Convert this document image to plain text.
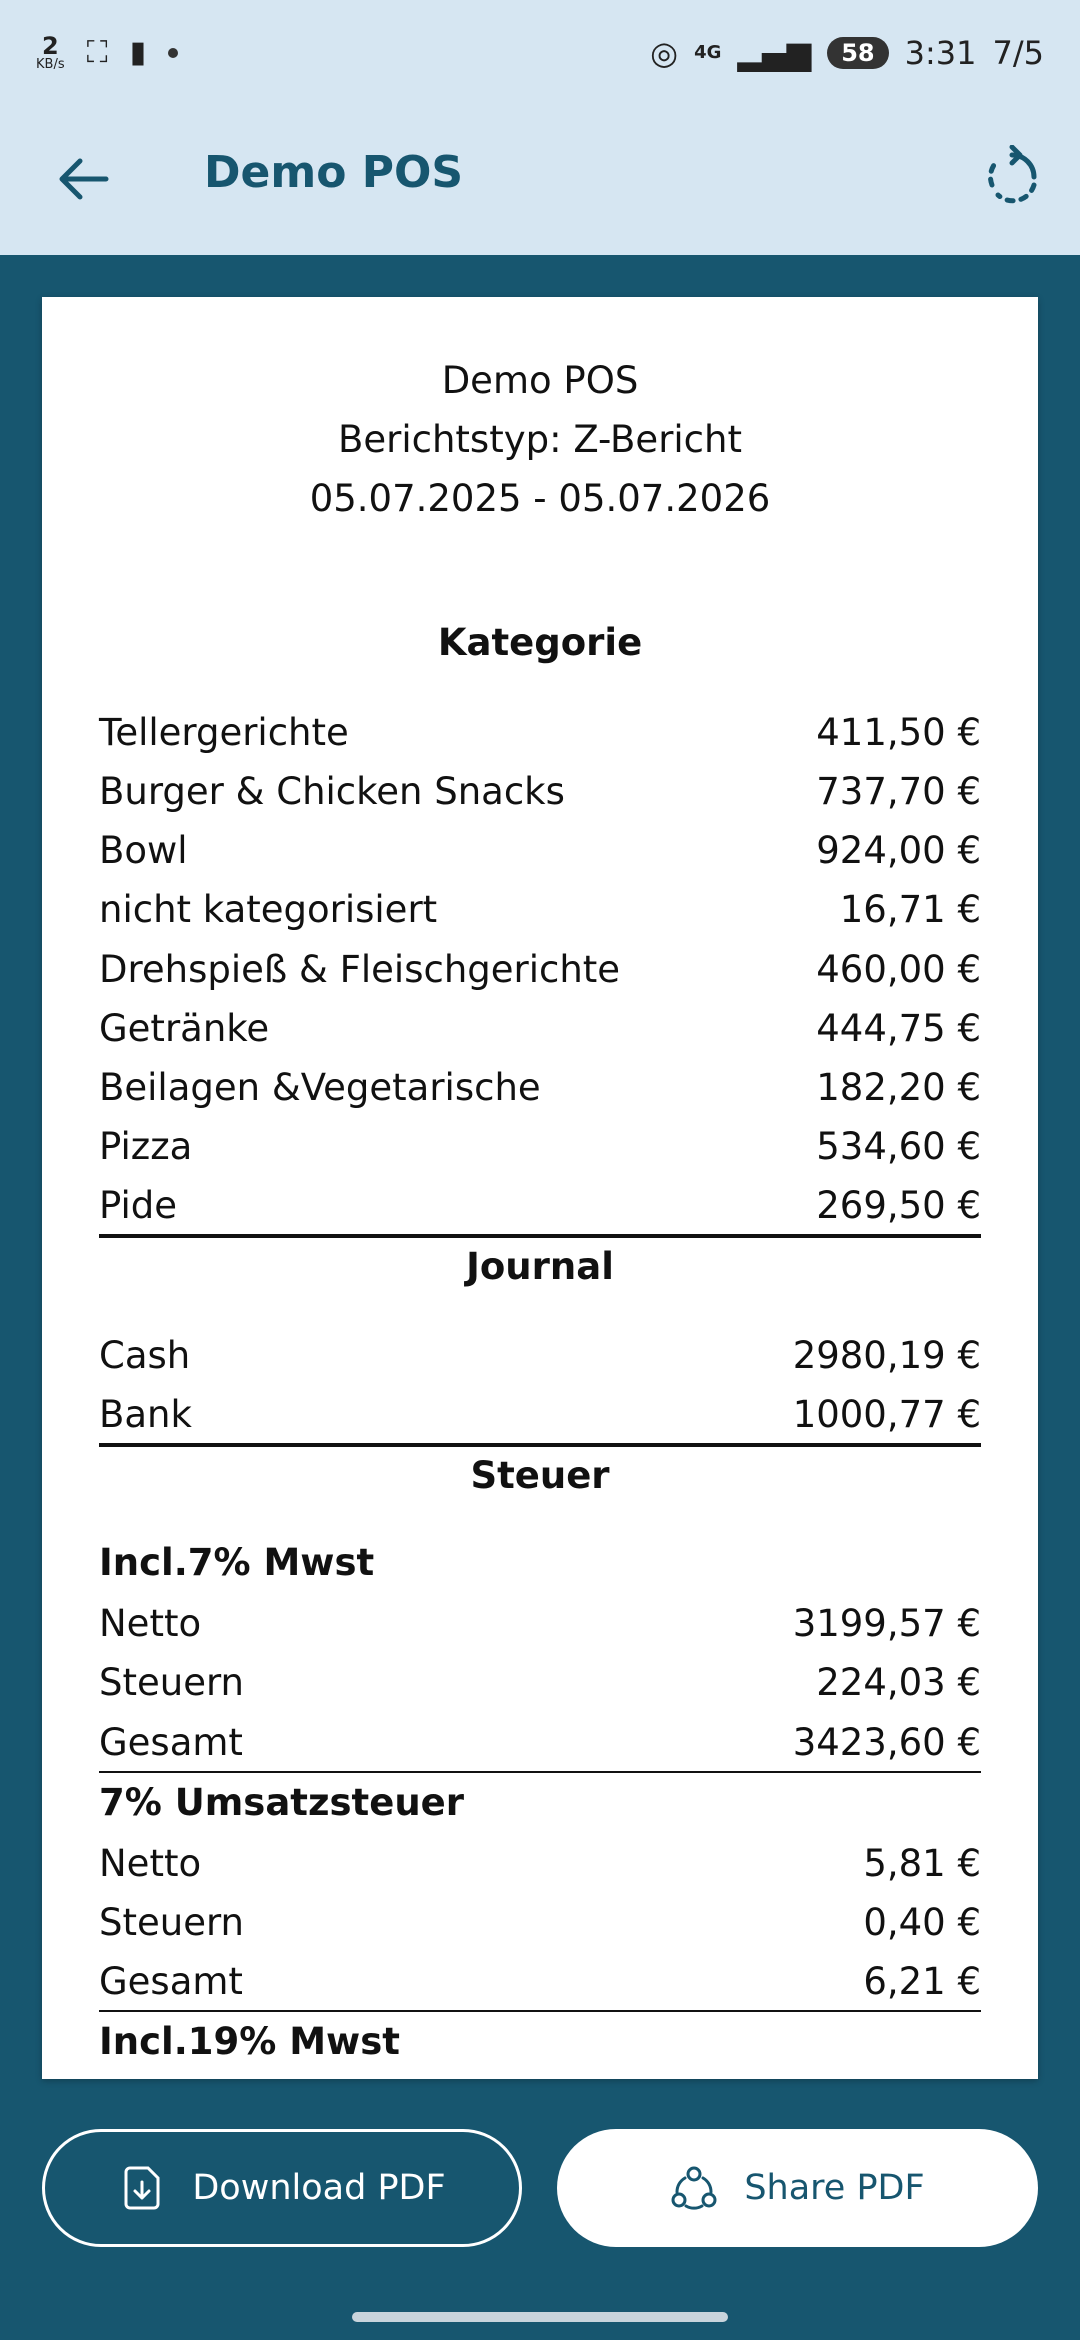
2
KB/s ⛶ ▮	◎ 4G ▂▄▆	58 3:31 7/5
Demo POS
Demo POS
Berichtstyp: Z-Bericht
05.07.2025 - 05.07.2026
Kategorie
Tellergerichte	411,50 €
Burger & Chicken Snacks	737,70 €
Bowl	924,00 €
nicht kategorisiert	16,71 €
Drehspieß & Fleischgerichte	460,00 €
Getränke	444,75 €
Beilagen &Vegetarische	182,20 €
Pizza	534,60 €
Pide	269,50 €
Journal
Cash	2980,19 €
Bank	1000,77 €
Steuer
Incl.7% Mwst
Netto	3199,57 €
Steuern	224,03 €
Gesamt	3423,60 €
7% Umsatzsteuer
Netto	5,81 €
Steuern	0,40 €
Gesamt	6,21 €
Incl.19% Mwst
Download PDF	Share PDF
